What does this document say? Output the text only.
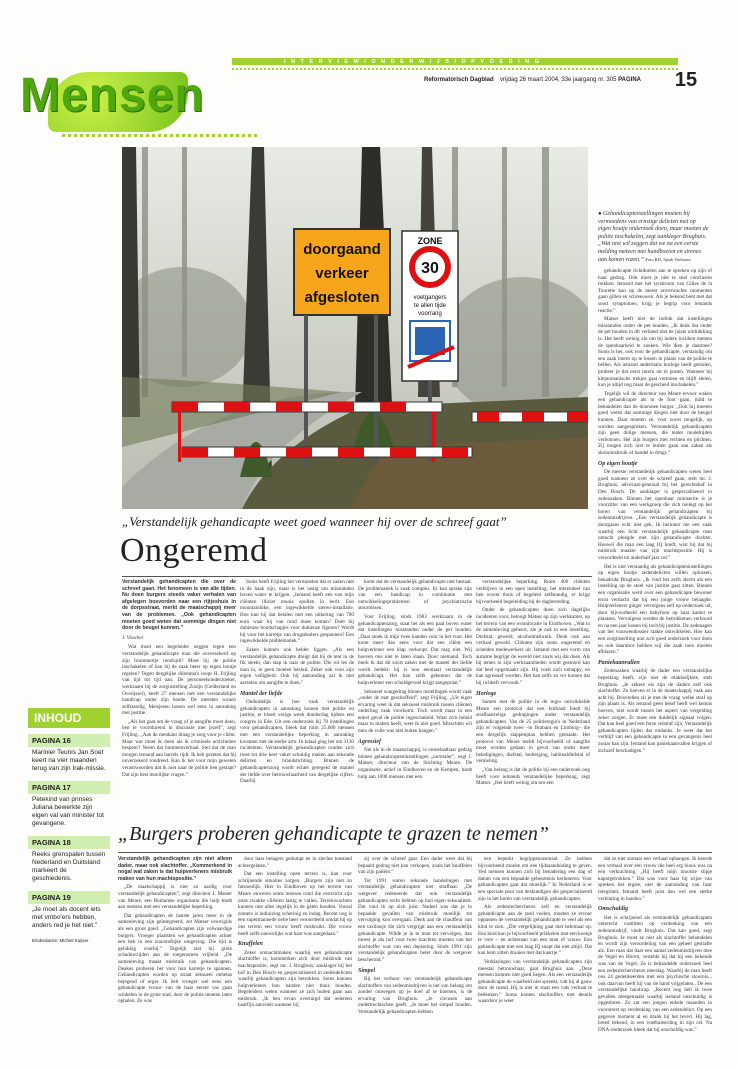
Mensen
I N T E R V I E W / O N D E R W I J S / O P V O E D I N G
Reformatorisch Dagblad vrijdag 26 maart 2004, 33e jaargang nr. 305 PAGINA	15
doorgaand
verkeer
afgesloten
ZONE
30
voetgangers
te allen tijde
voorrang
● Gehandicaptenstellingen moeten bij vermoedens van ernstige delicten met op eigen houtje onderzoek doen, maar moeten de politie inschakelen, zegt aankleger Brughuis. „Wat niet wil zeggen dat we na een eerste melding meteen met handboeien en sirenes aan komen razen.” Foto RD, Sjaak Verboom
„Verstandelijk gehandicapte weet goed wanneer hij over de schreef gaat”
Ongeremd

Verstandelijk gehandicapten die over de schreef gaan. Het fenomeen is van alle tijden. Nu doen burgers steeds vaker verhalen van afgelegen bosvorden naar een rijtjeshuis in de dorpsstraat, merkt de maatschappij meer van de problemen. „Ook gehandicapten moeten goed weten dat sommige dingen niet door de beugel kunnen.”

J. Visscher

Wat moet een begeleider zeggen tegen een verstandelijk gehandicapte man die onverzekerd op zijn brommertje rondrijdt? Moet hij de politie inschakelen of kan hij de zaak beter op eigen houtje regelen? Tegen dergelijke dilemma's loopt H. Frijling van tijd tot tijd aan. De personeelsonderzoeker, werkzaam bij de zorginstelling Zozijn (Gelderland en Overijssel), heeft 27 mensen met een verstandelijke handicap onder zijn hoede. De meesten wonen zelfstandig. Meisjesen lossen wel eens in aanraking met justitie.

„Als het gaat om de vraag of je aangifte moet doen, ben ie voortdurend in discussie met jezelf”, zegt Frijling. „Aan de menkant draag je zorg voor je cliënt. Maar wat moet ik doen als ik criminele activiteiten bespeur? Neem dat bommenverhaal. Stel dat de man morgen iemand aan barrels rijdt. Ik heb gezeten dat hij onverzekerd rondreed. Kan ik het voor mijn geweten verantwoorden dat ik niet naar de politie ben gestapt? Dat zijn best moeilijke vragen.”

Soms heeft Frijling het vermoeden dat er zaken niet in de haak zijn, maar is het lastig om misstanden boven water te krijgen. „Iemand heeft een van mijn cliënten illiciet mooie spullen in berit. Een mountainbike, een ingewikkelde stereo-installatie. Hoe kan hij dat betalen met een uitkering van 700 euro waar hij van rond moet komen? Doet hij dubieuze boodschapjes voor dubieuze figuren? Wordt hij voor het karretje van drugsdealers gespannen? Een ingewikkelde problematiek.”

Zaken kunnen ook helder liggen. „Als een verstandelijk gehandicapte dreigt dat hij de tent in de fik steekt, dan stap ik naar de politie. Die rol les de man in, in geen moeten besluit. Zeker ook voor zijn eigen veiligheid. Ook bij aanranding zal ik niet aarzelen om aangifte te doen.”

Mantel der liefde

Onduidelijk is hoe vaak verstandelijk gehandicapten in aanraking komen met politie en justitie, er bloeit vorige week donderdag tijdens een congres in Ede. Uit een onderzoek bij 78 instellingen voor gehandicapten, bleek dat ruim 25.000 mensen met een verstandelijke beperking in aanraking kwamen met de sterke arm. In totaal ging het om 1130 incidenten. Verstandelijk gehandicapten rouden zich twee tot drie keer vaker schuldig maken aan seksuele delicten en brandstichting. Binnen de gehandicaptenzorg wordt echter geregeld de mantel der liefde over betrouwbaarheid van dergelijke cijfers. Daarbij

komt dat de verstandelijk gehandicapte niet bestaat. De problematiek is vaak complex. Er kan sprake zijn van een handicap in combinatie met ontwikkelingsproblemen of psychiatrische stoornissen.

Voor Frijling, sinds 1983 werkzaam in de gehandicaptenzorg, staat het als een paal boven water dat instellingen misstanden onder de pet houden. „Daar stoek ik mijn twee handen voor in het vuur. Het komt meer dan eens voor dat een cliënt een bulpverlener een klap verkoopt. Dat mag niet. Wij hoeven ons niet te laten slaan. Door niemand. Toch merk ik dat dit soort zaken met de mantel der liefde wordt bedekt: hij is nou eenmaal verstandelijk gehandicapt. Het kan zelfs gebeuren dat de hulpverlener een schuldgevoel krijgt aangepraat.”

Seksueel wangedrag binnen instellingen wordt vaak „onder de mat geschoffeld”, zegt Frijling. „Uit eigen ervaring weet ik dat seksueel misbruik tussen cliënten onderling vaak voorkomt. Toch wordt maar in een enkel geval de politie ingeschakeld. Waar zo'n beleid maar tu maken heeft, weet ik niet goed. Misschien wil men de vuile was niet buiten hangen.”

Agressief

Net als in de maatschappij, is ontoelaatbaar gedrag binnen gehandicapteninstellingen „normaler”, zegt J. Matser, directeur van de Stichting Meare. De organisatie, actief in Eindhoven en de Kempen, biedt hulp aan 1000 mensen met een

verstandelijke beperking. Ruim 400 cliënten verblijven in een open instelling, het merendeel van hen woont thuis of begeleid zelfstandig, er krijgt bijvoorbeeld begeleiding bij de dagbesteding.

Onder de gehandicapten doen zich dagelijks incidenten voor, betoogt Matser op zijn werkkamer, op het terrein van een woonlocatie in Eindhoven. „Wat in de samenleving gebeurt, zie je ook in een instelling. Diefstal, geweld, alcoholmisbruik. Denk ook aan verbaal geweld. Cliënten zijn soms ongeremd en schelden medewerkers uit. Iemand met een vorm van autisme begrijpt de wereld niet zoals wij dat doen. Als hij iemes in zijn werkzaamheden wordt gestoord kan dat heel opgemaakt zijn. Hij voelt zich unhappy, en kan agressief worden. Het kan zelfs zo ver komen dat hij richheft vervoudt.”

Horloge

Samen met de politie in de regio ontwikkelde Meare een protocol dat een leidraad biedt bij strafbaarrelige gedragingen onder verstandelijk gehandicapten. Van de 25 politieregio's in Nederland zijn er volgende twee –in Brabant en Limburg– die een dergelijk stappenplan hebben gemaakt. Het protocol van Meare meldt bijvoorbeeld of aangifte moet worden gedaan in geval van onder meer beledigingen, diefstal, bedreiging, habitualdiefstal of vernieling.

„Van belang is dat de politie bij een onderzoek oog heeft voor iemands verstandelijke beperking, zegt Matser. „Het heeft weinig zin om een

gehandicapte richtdoelen aan te spreken op zijn of haar gedrag. Ook moet je niet te snel conclusies trekken. Iemand met het syndroom van Gilles de la Tourette kan op de meest onverwachte momenten gaan gillen en schreeuwen. Als je bekend bent met dat soort symptomen, krijg je begrip voor iemands reactie.”

Matser heeft niet de indruk dat instellingen misstanden onder de pet houden. „Ik denk dat onder de pet houden in dit verband niet de juiste uitdrukking is. Het heeft weinig zin om bij iedere incident meteen de openbaarheid te zoeken. Wie dien je daarmee? Soms is het, ook voor de gehandicapte, verstandig om een zaak intern op te lossen in plaats van de politie te bellen. Als iemand andermans horloge heeft gestolen, probeer je dat eerst intern uit te praten. Wanneer hij kleptomanische trekjes gaat vertonen en blijft stelen, kun je altijd nog maar de gescheid inschakelen.”

Tegelijk wil de directeur van Meare ervoor waken een gehandicapte als in de foot gaan, mild te behandelen dan de doorsnee burger. „Ook hij moeten goed weten dat sommige dingen niet door de beugel kunnen. Daar moeten ze, voor zover mogelijk, op worden aangesproken. Verstandelijk gehandicapten zijn geen dulige mensen, die teater modeltijden verbonnen. Het zijn burgers met rechten en plichten. Zij mogen zich niet te buiten gaan aan zaken als skolomisbruik of handel in drugs.”

Op eigen houtje

De meeste verstandelijk gehandicapten weten heel goed wanneer ze over de schreef gaan, stelt mr. J. Brughuis, advocaat-generaal bij het gerechtshof in Den Bosch. De aanklager is gespecialiseerd in zedenzaken. Binnen het openbaar ministerie is je voorzitter van een werkgroep die zich toelegt op het horen van verstandelijk gehandicapten bij zedenmisdrijven. „Een verstandelijk gehandicapte is doorgaans echt niet gek. Ik herinner me een zaak waarbij een licht verstandelijk gehandicapte man ontucht pleegde met zijn gehandicapte dochter. Hoewel die man een laag IQ hoeft, wist hij dat hij misbruik maakte van zijn machtspositie. Hij is veroordeeld tot anderhalf jaar cel.”

Het is niet verstandig als gehandicapteninstellingen op eigen houtje zedendelicten willen oplossen, benadrukt Brughuis. „Ik vind het zelfs slecht als een instelling op de stoel van justitie gaat zitten. Binnen een organisatie werd over een gehandicapte bewoner ernst verdacht dat hij een jonge vrouw belaagde. Hulpverleners ginger verrolgens zelf op onderzoek uit, door bijvoorbeeld een babyfoon op haar kamer te plaatsen. Vervolgens werden de betrokkenen verhoord en na een jaar lossen bij toch bij justitie. De zedenagen van het vrauwendossier raakte ontwikkelen. Hoe kan een zorginstelling nou zo'n goed onderzoek voor doen en ook daardoor hebben wij die zaak toen moeten afblazen.”

Paniekaanvallen

Zedenzaken waarbij de dader een verstandelijke beperking heeft, zijn niet de makkelijkste, stelt Brughuis. „Je zekere eis zijn de daders zelf ook slachtoffer. Ze hoeven er in de maatschappij vaak aan acht bij. Bovendien zit je met de vraag welke straf op zijn plaats is. Als iemand geen besef heeft wel kennis hoeven, niet wordt tussen het aspect van vergelding zeker zorgen. Er moet een duidelijk signaal volgen. Dat kan heel goed een forse celstraf zijn. Verstandelijk gehandicapten lijden dat ondanks. Je weet dat het verblijf van een gehandicapte in een gevangenis heel zwaar kan zijn. Iemand kan paniekaanvallen krijgen of zichzelf beschadigen.”

INHOUD
PAGINA 16
Marinier Teunis Jan Soet keert na vier maanden terug van zijn Irak-missie.
PAGINA 17
Petekind van prinses Juliana bewerkte zijn eigen val van minister tot gevangene.
PAGINA 18
Reeks grenspalen tussen Nederland en Duitsland markeert de geschiedenis.
PAGINA 19
„Je moet als docent iets met vmbo'ers hebben, anders red je het niet.”
Eindredactie: Michiel Kuijser
„Burgers proberen gehandicapte te grazen te nemen”

Verstandelijk gehandicapten zijn niet alleen dader, maar ook slachtoffer. „Kommerkend in nogal wat zaken is dat hulpverleners misbruik maken van hun machtspositie.”

„De maatschappij is niet zo aardig voor verstandelijk gehandicapten”, zegt directeur J. Matser van Meare, een Brabantse organisatie die hulp biedt aan mensen met een verstandelijke beperking.

Dat gehandicapten de laatste jaren meer in de samenleving zijn geïntegreerd, zet Matser overrigids als een groot goed. „Gehandicapten zijn volwaardige burgers. Vroeger plaatsten we gehandicapten achter een bek in een zuurstoftijke omgeving. Die tijd is gelukkig voorbij.” Tegelijk ziet hij grote schaduwzijden aan de toegenomen vrijheid. „De samenleving maakt misbruik van gehandicapten. Deakes proberen het voor hun karretje te spannen. Gehandicapten worden op straat seksueel onbetas bejegend of erger. Ik heb vroeger wel eens een gehandicapte vrouw van de baar eerste vas gaan winkelen in de grote stad, door de politie moeten laten ophalen. Ze was

door haar belagers gedumpt en in slechte toestand achtergelaten.”

Dat een instelling open terrein is, kan voor schrijnende situaties zorgen. „Burgers zijn niet zo fatsoenlijk. Hier in Eindhoven op het terrein van Meare ouweren soms mensen rond die overzicht zijn onze zwakke cliënten lastig te vallen. Terreinwachten kunnen niet alles tegelijk in de gaten houden. Vooral zomers is indiuizing scherinig en indag. Recent nog is een supermannede netie heer veroordeeld omdat hij op ons terrein een vrouw heeft misbruikt. Die vrouw heeft zelfe nauwelijks wat haar was aangedaan.”

Knuffelen

Zeker onmachtmaken waarbij een gehandicapte slachtoffer is, kommerken zich door misbruik van machtspositie, zegt mr. J. Brughuis, aanklager bij het hof in Den Bosch en gespecialiseerd in zedendelicten waarbij gehandicapten zijn betrokken. Soms kunnen hulpverleners hun handen niet thuis houden. Begeleiders weten wanneer ze zich buiten gaan aan misbruik. „Ik ben ervan overtuigd dat iedereen haarfijn aanvoelt wanneer hij

zij over de schreef gaat. Een dader weet dat hij bepaald gedrag niet kan verkopen, zoals het knuffelen van zijn patiënt.”

Tot 1991 waren seksuele handelingen met verstandelijk gehandicapten niet strafbaar. „De wetgever redeneerde dat ook verstandelijk gehandicapten recht hebben op hun eigen seksualiteit. Dat vind ik op zich juist. Nadeel was dat je in bepaalde gevallen van misbruik moeilijk tot vervolging kon overgaan. Denk aan de chauffeur van een taxibusje die zich vergrijpt aan een verstandelijk gehandicapte. Wilde je in te man tot vervolgen, dan moest je als hof voor twee krachten moeten van het slachtoffer was van een depiseing. Sinds 1991 zijn verstandelijk gehandicapten beter door de wetgever beschermd.”

Simpel

Bij het verhoor van verstandelijk gehandicapte slachtoffers van zedenmisdrijven is het van belang om zonder omwegen op je doel af te koersen, is de ervaring van Brughuis. „Je circusen aan ondertrechtschen geeft. „Je moet het simpel houden. Verstandelijk gehandicapten hebben

een beperkt begrippenarsenaal. Ze hebben bijvoorbeeld moeite om een tijdsaanduiding te geven. Ved mensen kunnen zich bij benadering een dag of datum van een bepaalde gebeurtenis herinneren. Voor gehandicapten gaat dat moeilijk.” In Nederland is er een speciale pool van deskundigen die gespecialiseerd zijn in het horen van verstandelijk gehandicapten.

Als zedenrechercheurs zelf en verstandelijk gehandicapte aan de tand voelen, moeten ze ervoor oppassen de verstandelijk gehandicapte te veel als een kind te zien. „Die vergelijking gaat niet helemaal op. Een kind kun je bijvoorbeeld prikkelen met een koekje te vore – en achteraan van een man of vrouw. Een gehandicapte met een laag IQ snapt dat niet altijd. Dat kan hem zitten draaien met dat kaartje.”

Verklaringen van verstandelijk gehandicapten zijn meestal betrouwbaar, gaat Brughuis aan. „Deze mensen kunnen niet goed liegen. Als een verstandelijk gehandicapte de waarheid niet spreekt, valt hij al gauw door de mand. Hij is niet in staat een vals verhaal te bedenken.” Soms komen slachtoffers met details waardoor je weet

dat ze niet zomaar een verhaal ophangen. Ik heorde een verhaal over een vrouw die heel erg bious was na een verkrachting. „Hij heeft mijn mooiste slipje kapotgetrokken.” Dat was voor haar bij wijze van spreken het ergste, niet de aanranding van haar integriteit. Iemand heeft juist dan wel een sterke verklaring in handen.”

Omschuldig

Het is schrijnend als verstandelijk gehandicapten onterecht vastlitten op verdenking van een zedenmisdrijf, vindt Brughuis. Dat kan goed, zegt Brughuis. Je moet ze niet als slachtoffer behandelen en wordt zijn veroordeling van een geheel gestrafte als. Een man dat daar een aantal zedenmisdrijven mee de Vegel en Hoorn, vertelde hij dat hij een bekende was van de Vegel. Ze is behandelde onderzoek heel een zedenrechercheurs meeslag. Waarbij de man heeft ons 24 gedetineerden met een psychische stoornis... ook daarvan heeft hij van de hand vrijgelaten.. De een verstandelijke handicap. „Recent nog heb ik twee gevallen meegemaakt waarbij iemand onschuldig is opgesloten. Zo zat een jongen enkele maanden in voorarrest op verdenking van een zedendelict. Op een gegeven moment al en drank bij het levert. Hij lag, breed bekend, in een voetbaleerding in zijn cel. Na DNA-onderzoek bleek dat hij onschuldig was.”
